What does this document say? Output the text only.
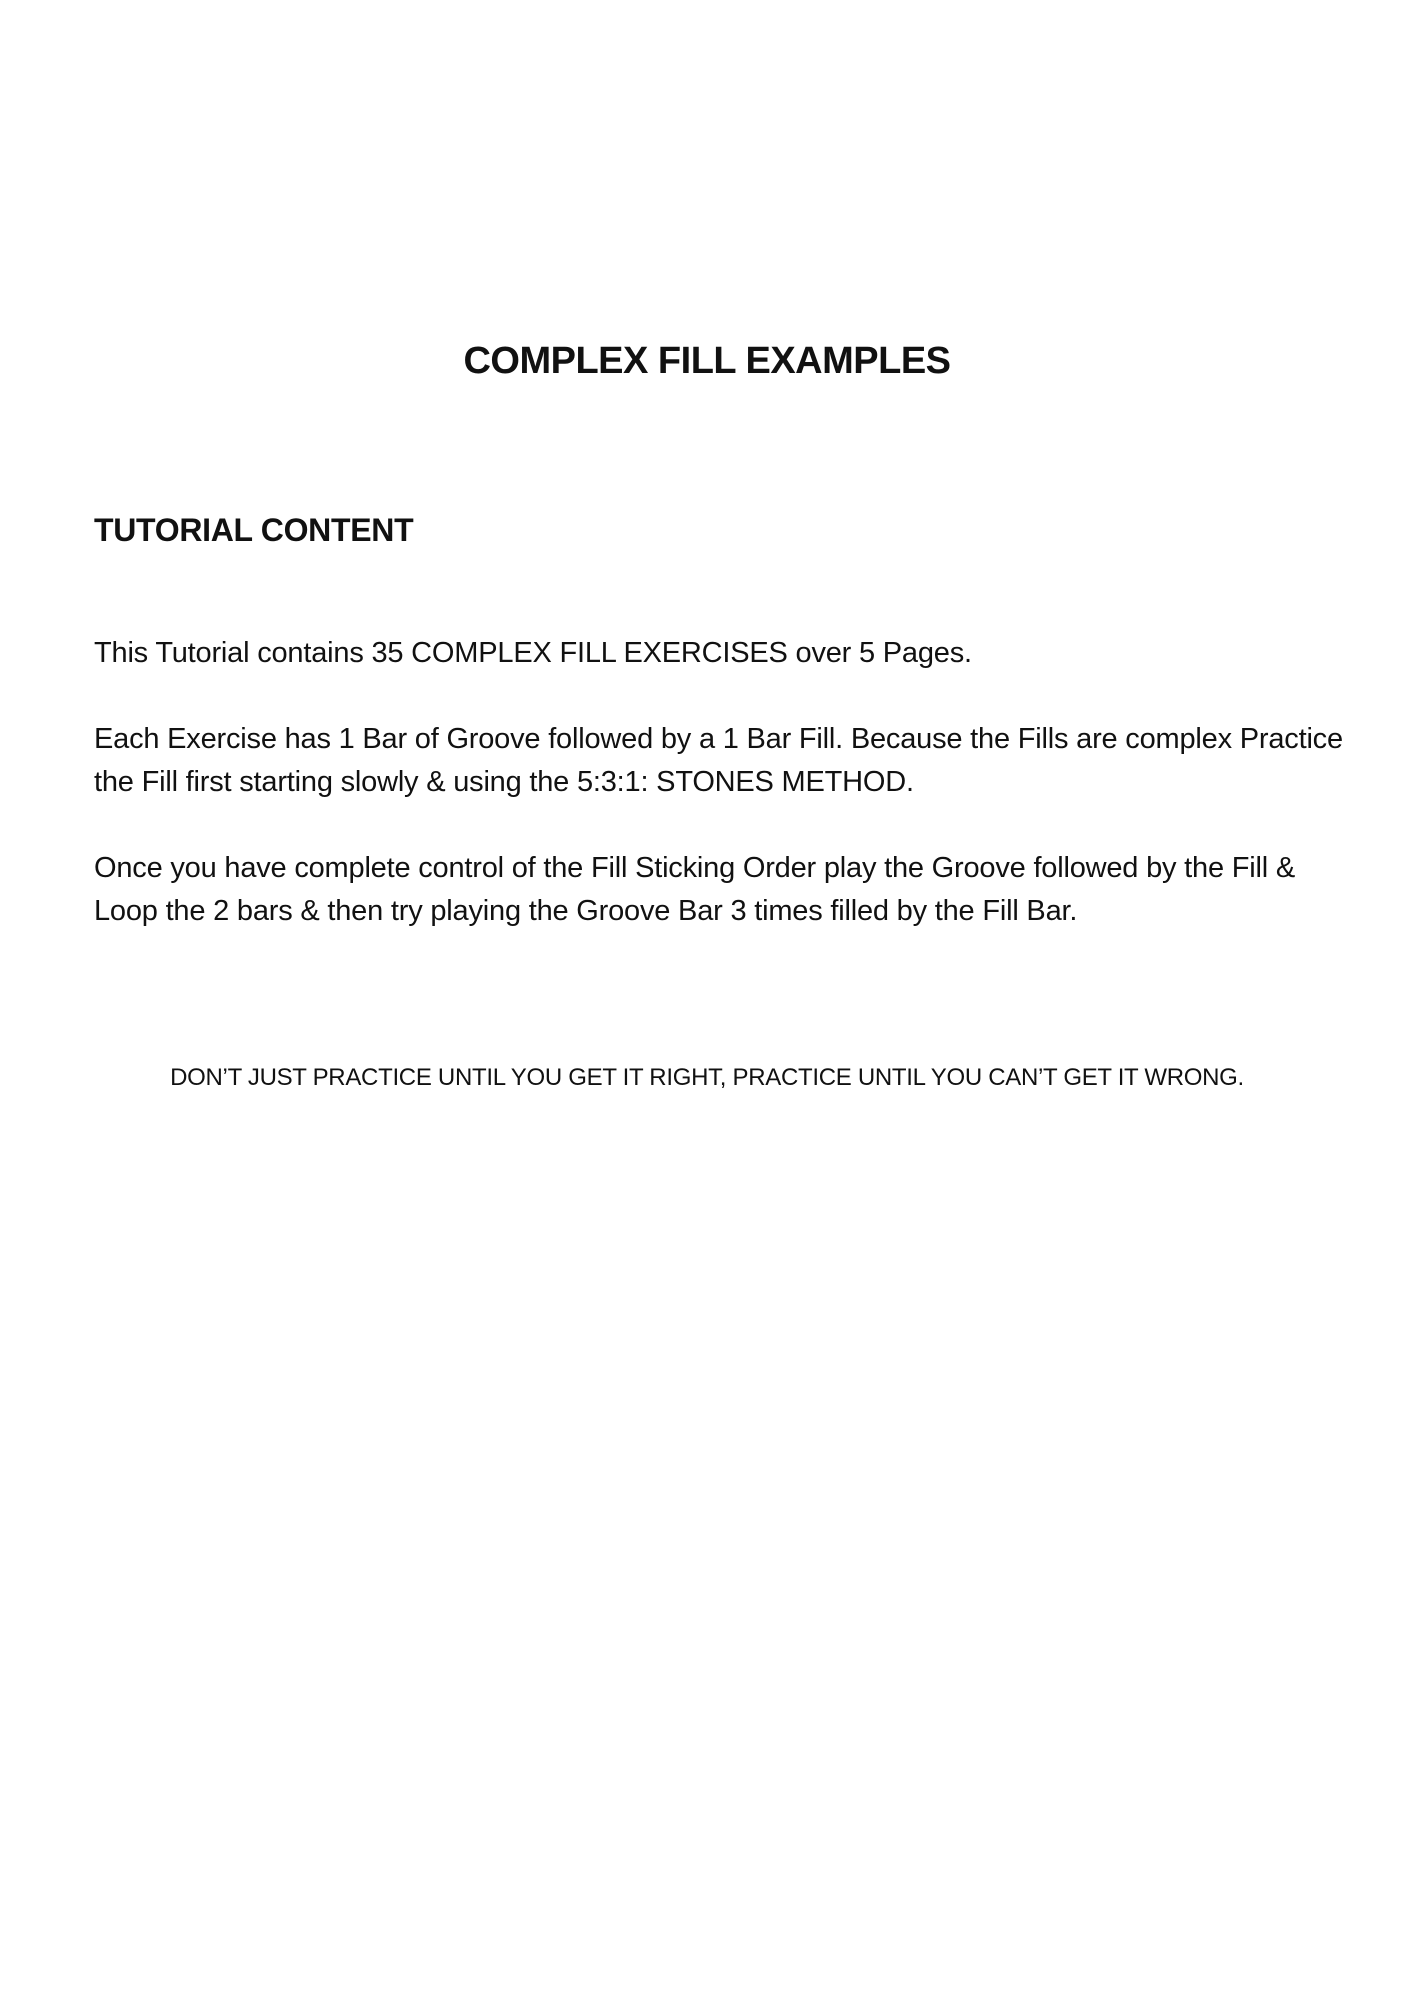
COMPLEX FILL EXAMPLES
TUTORIAL CONTENT

This Tutorial contains 35 COMPLEX FILL EXERCISES over 5 Pages.

Each Exercise has 1 Bar of Groove followed by a 1 Bar Fill. Because the Fills are complex Practice the Fill first starting slowly & using the 5:3:1: STONES METHOD.

Once you have complete control of the Fill Sticking Order play the Groove followed by the Fill & Loop the 2 bars & then try playing the Groove Bar 3 times filled by the Fill Bar.

DON’T JUST PRACTICE UNTIL YOU GET IT RIGHT, PRACTICE UNTIL YOU CAN’T GET IT WRONG.
